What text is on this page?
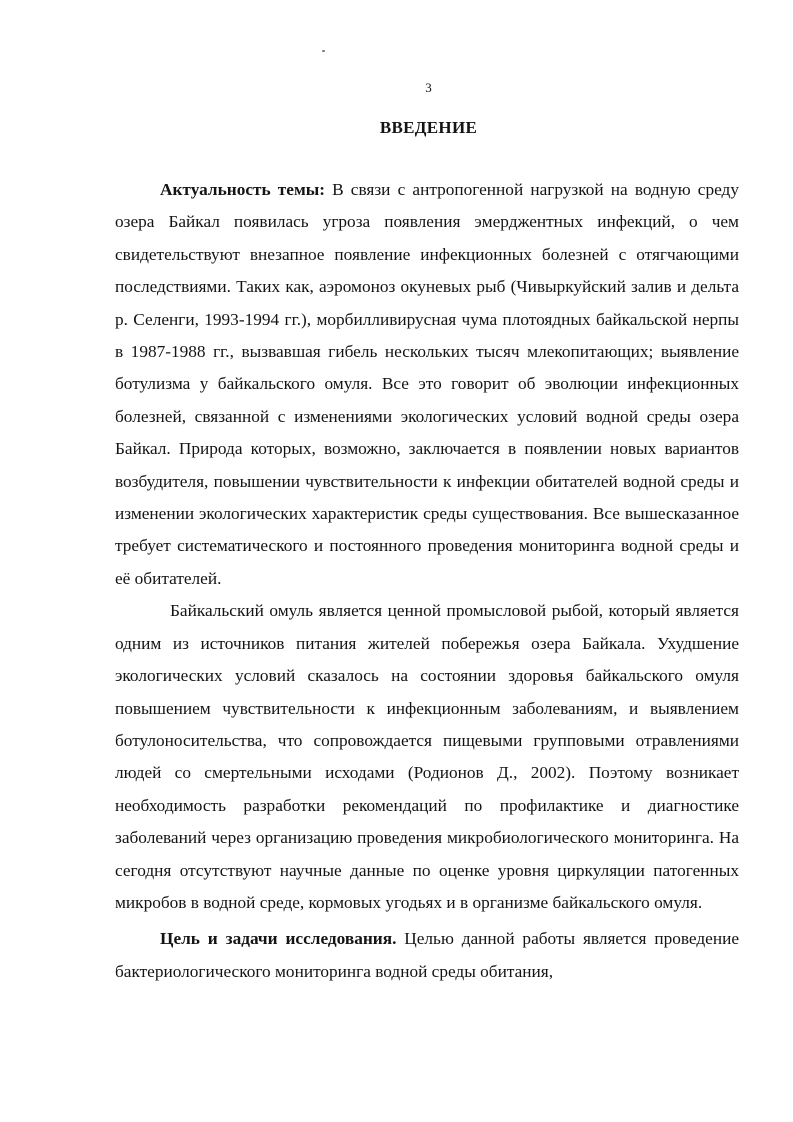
3
ВВЕДЕНИЕ

Актуальность темы: В связи с антропогенной нагрузкой на водную среду озера Байкал появилась угроза появления эмерджентных инфекций, о чем свидетельствуют внезапное появление инфекционных болезней с отягчающими последствиями. Таких как, аэромоноз окуневых рыб (Чивыркуйский залив и дельта р. Селенги, 1993-1994 гг.), морбилливирусная чума плотоядных байкальской нерпы в 1987-1988 гг., вызвавшая гибель нескольких тысяч млекопитающих; выявление ботулизма у байкальского омуля. Все это говорит об эволюции инфекционных болезней, связанной с изменениями экологических условий водной среды озера Байкал. Природа которых, возможно, заключается в появлении новых вариантов возбудителя, повышении чувствительности к инфекции обитателей водной среды и изменении экологических характеристик среды существования. Все вышесказанное требует систематического и постоянного проведения мониторинга водной среды и её обитателей.

Байкальский омуль является ценной промысловой рыбой, который является одним из источников питания жителей побережья озера Байкала. Ухудшение экологических условий сказалось на состоянии здоровья байкальского омуля повышением чувствительности к инфекционным заболеваниям, и выявлением ботулоносительства, что сопровождается пищевыми групповыми отравлениями людей со смертельными исходами (Родионов Д., 2002). Поэтому возникает необходимость разработки рекомендаций по профилактике и диагностике заболеваний через организацию проведения микробиологического мониторинга. На сегодня отсутствуют научные данные по оценке уровня циркуляции патогенных микробов в водной среде, кормовых угодьях и в организме байкальского омуля.

Цель и задачи исследования. Целью данной работы является проведение бактериологического мониторинга водной среды обитания,
